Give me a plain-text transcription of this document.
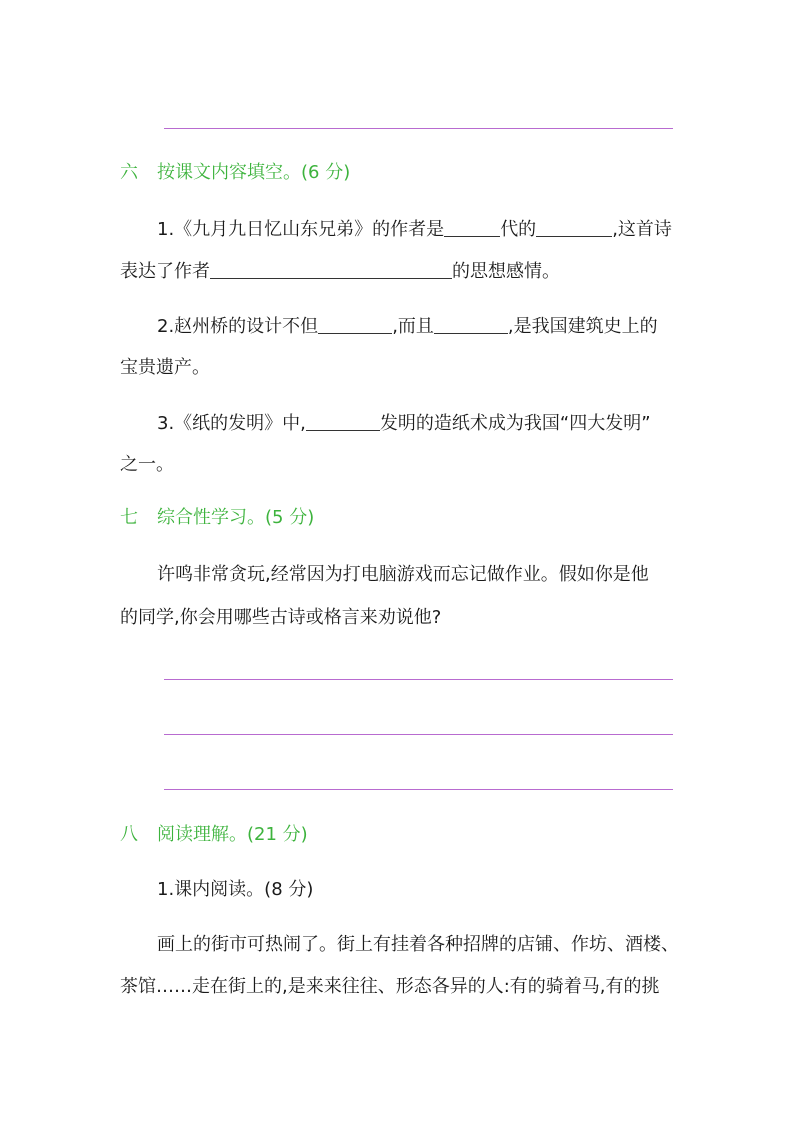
六 按课文内容填空。(6 分)
1.《九月九日忆山东兄弟》的作者是	代的	,这首诗
表达了作者	的思想感情。
2.赵州桥的设计不但	,而且	,是我国建筑史上的
宝贵遗产。
3.《纸的发明》中,	发明的造纸术成为我国“四大发明”
之一。
七 综合性学习。(5 分)
许鸣非常贪玩,经常因为打电脑游戏而忘记做作业。假如你是他
的同学,你会用哪些古诗或格言来劝说他?
八 阅读理解。(21 分)
1.课内阅读。(8 分)
画上的街市可热闹了。街上有挂着各种招牌的店铺、作坊、酒楼、
茶馆……走在街上的,是来来往往、形态各异的人:有的骑着马,有的挑
